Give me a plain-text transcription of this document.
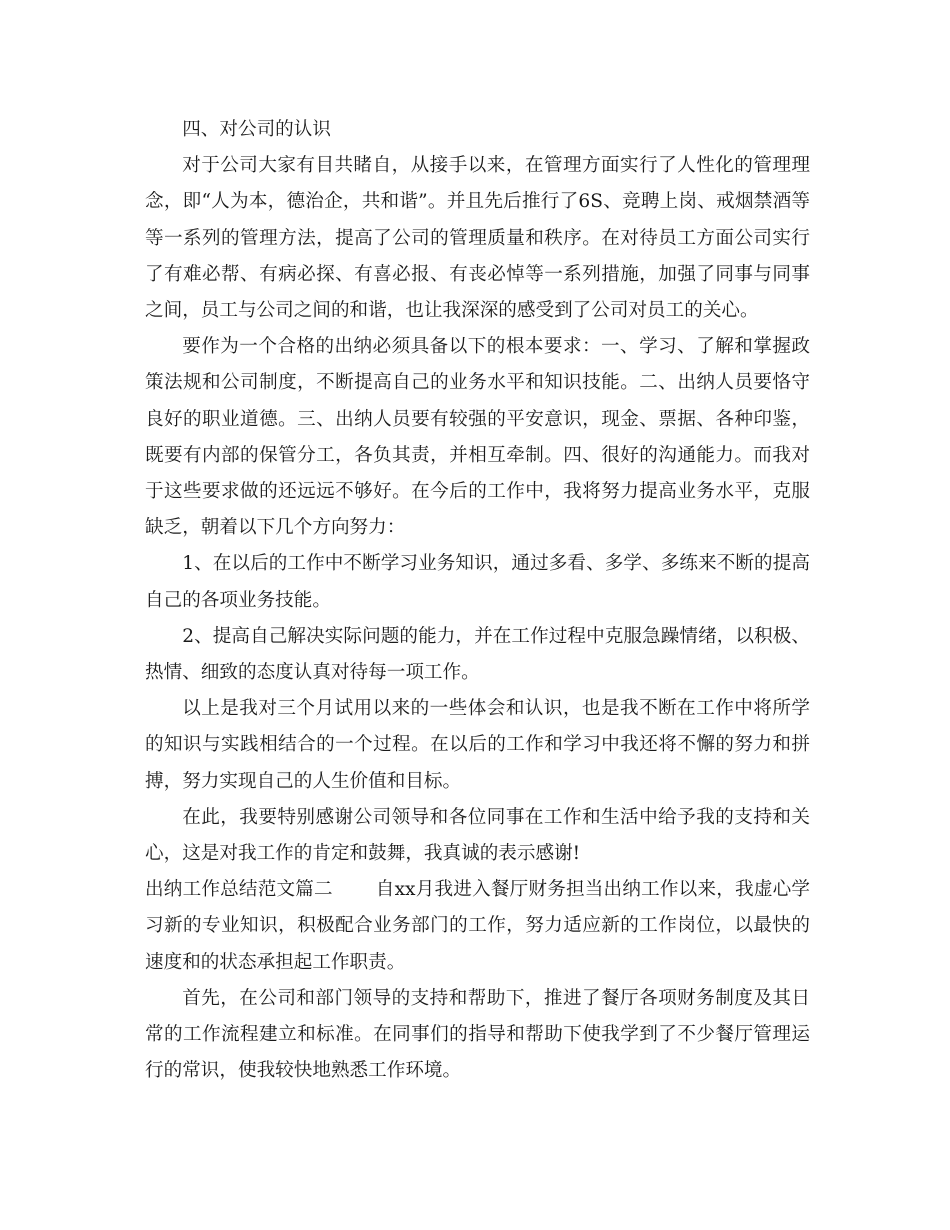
四、对公司的认识

对于公司大家有目共睹自，从接手以来，在管理方面实行了人性化的管理理念，即“人为本，德治企，共和谐”。并且先后推行了6S、竞聘上岗、戒烟禁酒等等一系列的管理方法，提高了公司的管理质量和秩序。在对待员工方面公司实行了有难必帮、有病必探、有喜必报、有丧必悼等一系列措施，加强了同事与同事之间，员工与公司之间的和谐，也让我深深的感受到了公司对员工的关心。

要作为一个合格的出纳必须具备以下的根本要求：一、学习、了解和掌握政策法规和公司制度，不断提高自己的业务水平和知识技能。二、出纳人员要恪守良好的职业道德。三、出纳人员要有较强的平安意识，现金、票据、各种印鉴，既要有内部的保管分工，各负其责，并相互牵制。四、很好的沟通能力。而我对于这些要求做的还远远不够好。在今后的工作中，我将努力提高业务水平，克服缺乏，朝着以下几个方向努力：

1、在以后的工作中不断学习业务知识，通过多看、多学、多练来不断的提高自己的各项业务技能。

2、提高自己解决实际问题的能力，并在工作过程中克服急躁情绪，以积极、热情、细致的态度认真对待每一项工作。

以上是我对三个月试用以来的一些体会和认识，也是我不断在工作中将所学的知识与实践相结合的一个过程。在以后的工作和学习中我还将不懈的努力和拼搏，努力实现自己的人生价值和目标。

在此，我要特别感谢公司领导和各位同事在工作和生活中给予我的支持和关心，这是对我工作的肯定和鼓舞，我真诚的表示感谢!

出纳工作总结范文篇二 自xx月我进入餐厅财务担当出纳工作以来，我虚心学习新的专业知识，积极配合业务部门的工作，努力适应新的工作岗位，以最快的速度和的状态承担起工作职责。

首先，在公司和部门领导的支持和帮助下，推进了餐厅各项财务制度及其日常的工作流程建立和标准。在同事们的指导和帮助下使我学到了不少餐厅管理运行的常识，使我较快地熟悉工作环境。
